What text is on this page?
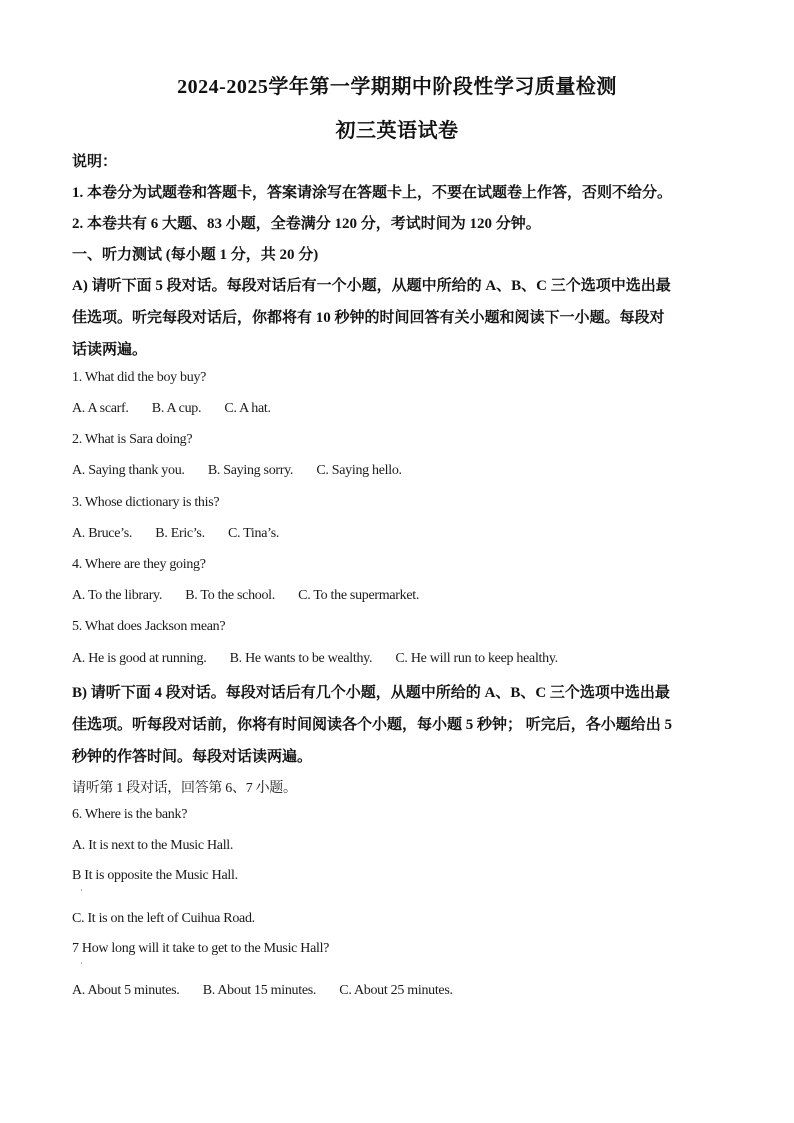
2024-2025学年第一学期期中阶段性学习质量检测
初三英语试卷
说明：
1. 本卷分为试题卷和答题卡，答案请涂写在答题卡上，不要在试题卷上作答，否则不给分。
2. 本卷共有 6 大题、83 小题，全卷满分 120 分，考试时间为 120 分钟。
一、听力测试 (每小题 1 分，共 20 分)
A) 请听下面 5 段对话。每段对话后有一个小题，从题中所给的 A、B、C 三个选项中选出最
佳选项。听完每段对话后，你都将有 10 秒钟的时间回答有关小题和阅读下一小题。每段对
话读两遍。
1. What did the boy buy?
A. A scarf. B. A cup. C. A hat.
2. What is Sara doing?
A. Saying thank you. B. Saying sorry. C. Saying hello.
3. Whose dictionary is this?
A. Bruce’s. B. Eric’s. C. Tina’s.
4. Where are they going?
A. To the library. B. To the school. C. To the supermarket.
5. What does Jackson mean?
A. He is good at running. B. He wants to be wealthy. C. He will run to keep healthy.
B) 请听下面 4 段对话。每段对话后有几个小题，从题中所给的 A、B、C 三个选项中选出最
佳选项。听每段对话前，你将有时间阅读各个小题，每小题 5 秒钟； 听完后，各小题给出 5
秒钟的作答时间。每段对话读两遍。
请听第 1 段对话，回答第 6、7 小题。
6. Where is the bank?
A. It is next to the Music Hall.
B It is opposite the Music Hall.
·
C. It is on the left of Cuihua Road.
7 How long will it take to get to the Music Hall?
·
A. About 5 minutes. B. About 15 minutes. C. About 25 minutes.
